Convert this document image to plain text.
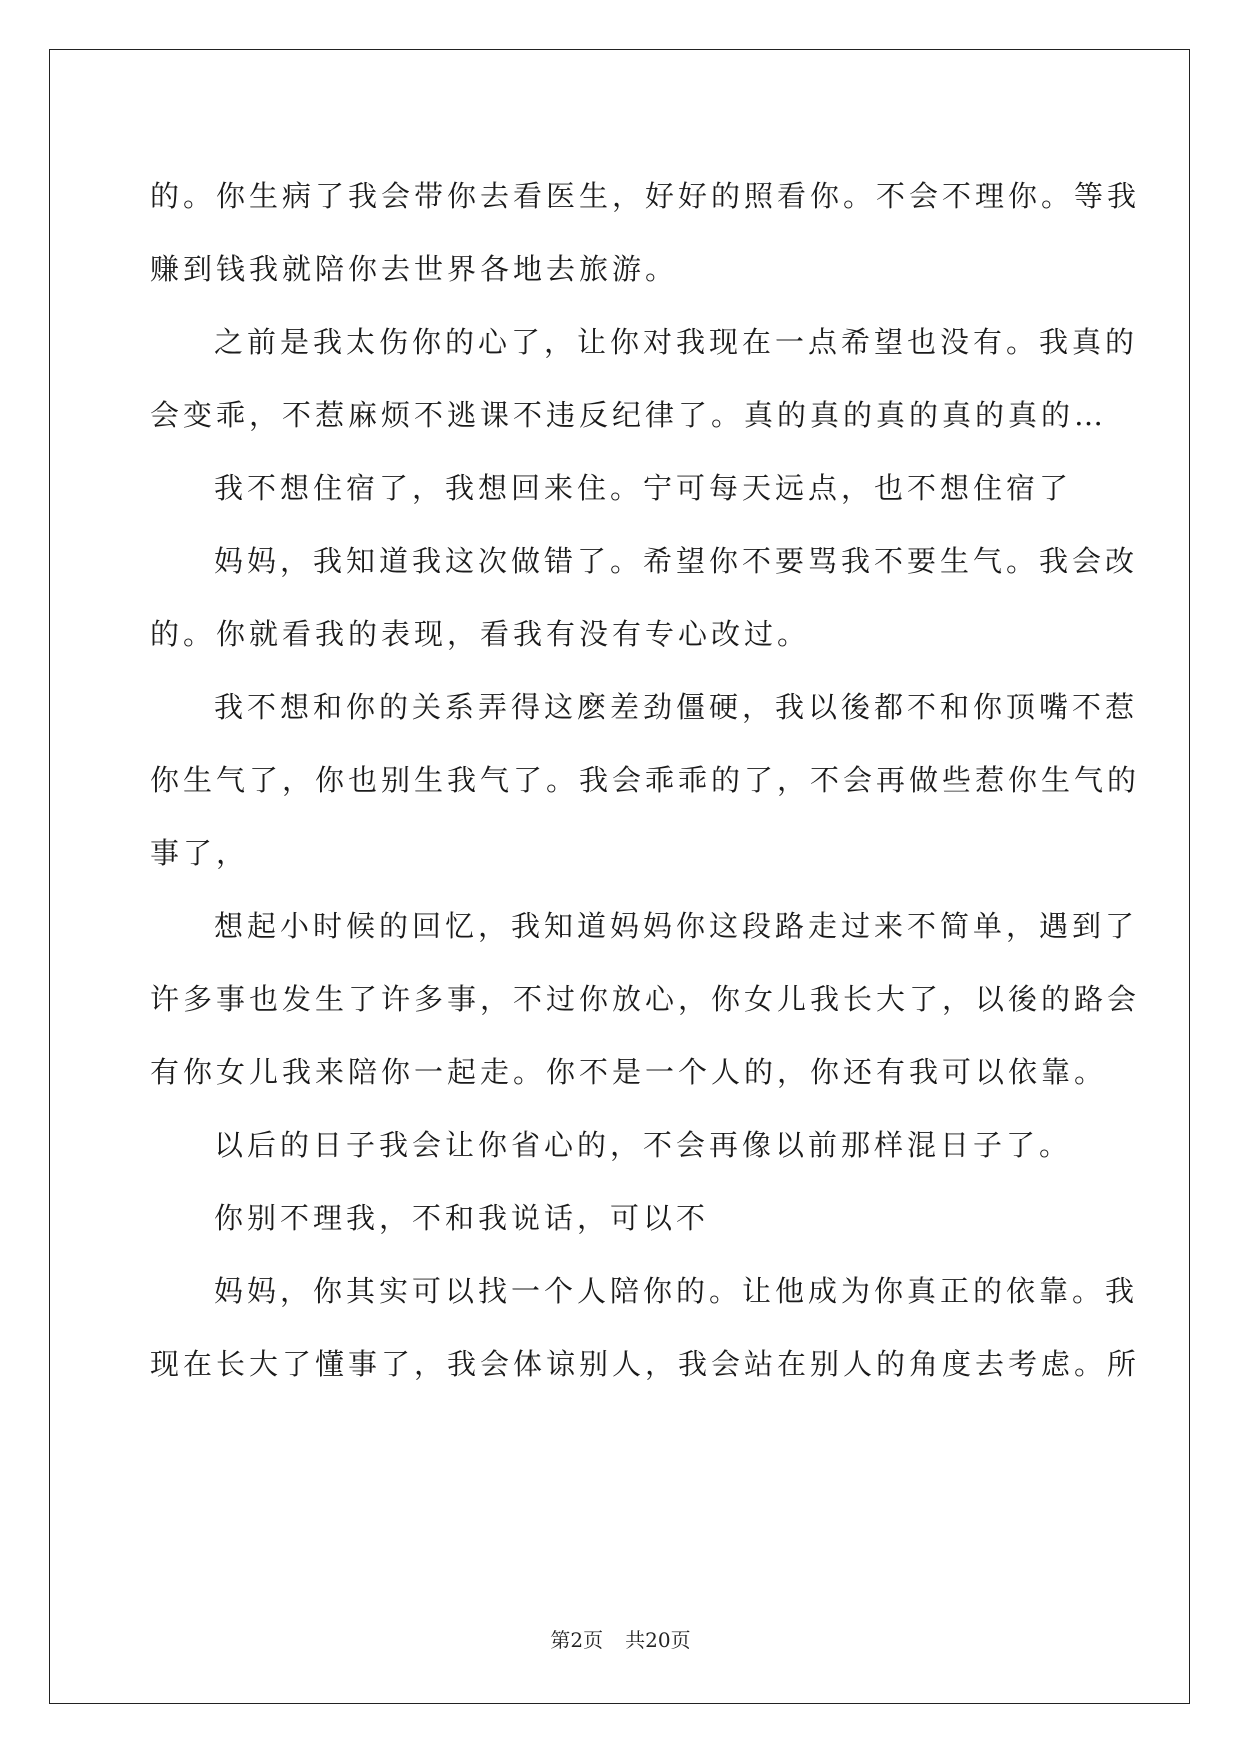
的。你生病了我会带你去看医生，好好的照看你。不会不理你。等我

赚到钱我就陪你去世界各地去旅游。

之前是我太伤你的心了，让你对我现在一点希望也没有。我真的

会变乖，不惹麻烦不逃课不违反纪律了。真的真的真的真的真的…

我不想住宿了，我想回来住。宁可每天远点，也不想住宿了

妈妈，我知道我这次做错了。希望你不要骂我不要生气。我会改

的。你就看我的表现，看我有没有专心改过。

我不想和你的关系弄得这麽差劲僵硬，我以後都不和你顶嘴不惹

你生气了，你也别生我气了。我会乖乖的了，不会再做些惹你生气的

事了，

想起小时候的回忆，我知道妈妈你这段路走过来不简单，遇到了

许多事也发生了许多事，不过你放心，你女儿我长大了，以後的路会

有你女儿我来陪你一起走。你不是一个人的，你还有我可以依靠。

以后的日子我会让你省心的，不会再像以前那样混日子了。

你别不理我，不和我说话，可以不

妈妈，你其实可以找一个人陪你的。让他成为你真正的依靠。我

现在长大了懂事了，我会体谅别人，我会站在别人的角度去考虑。所

第2页 共20页
